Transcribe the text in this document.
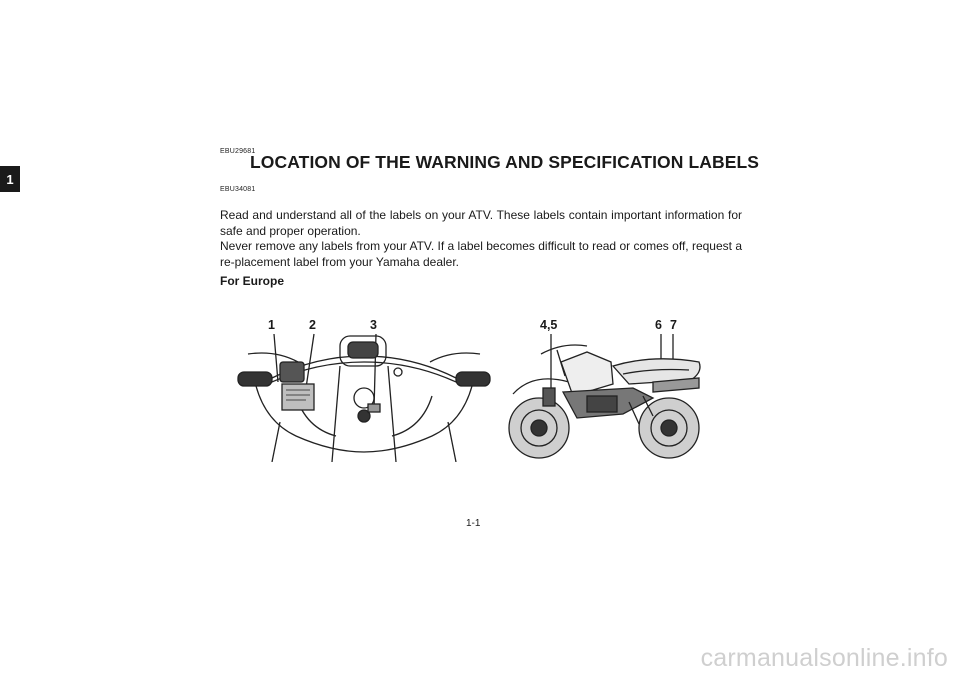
1
EBU29681
LOCATION OF THE WARNING AND SPECIFICATION LABELS
EBU34081

Read and understand all of the labels on your ATV. These labels contain important information for safe and proper operation.

Never remove any labels from your ATV. If a label becomes difficult to read or comes off, request a re-placement label from your Yamaha dealer.

For Europe
1	2	3	4,5	6 7
1-1
carmanualsonline.info
